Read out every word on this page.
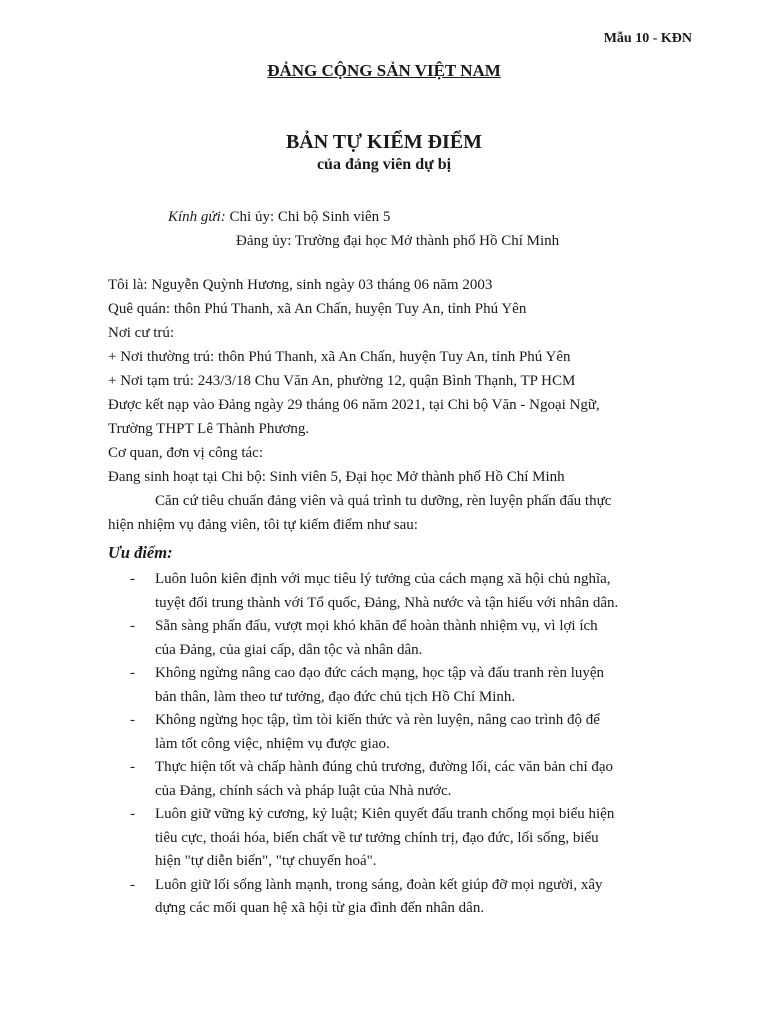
Mẫu 10 - KĐN
ĐẢNG CỘNG SẢN VIỆT NAM
BẢN TỰ KIỂM ĐIỂM
của đảng viên dự bị
Kính gửi: Chi ủy: Chi bộ Sinh viên 5
Đảng ủy: Trường đại học Mở thành phố Hồ Chí Minh
Tôi là: Nguyễn Quỳnh Hương, sinh ngày 03 tháng 06 năm 2003
Quê quán: thôn Phú Thanh, xã An Chấn, huyện Tuy An, tỉnh Phú Yên
Nơi cư trú:
+ Nơi thường trú: thôn Phú Thanh, xã An Chấn, huyện Tuy An, tỉnh Phú Yên
+ Nơi tạm trú: 243/3/18 Chu Văn An, phường 12, quận Bình Thạnh, TP HCM
Được kết nạp vào Đảng ngày 29 tháng 06 năm 2021, tại Chi bộ Văn - Ngoại Ngữ,
Trường THPT Lê Thành Phương.
Cơ quan, đơn vị công tác:
Đang sinh hoạt tại Chi bộ: Sinh viên 5, Đại học Mở thành phố Hồ Chí Minh
Căn cứ tiêu chuẩn đảng viên và quá trình tu dưỡng, rèn luyện phấn đấu thực
hiện nhiệm vụ đảng viên, tôi tự kiểm điểm như sau:
Ưu điểm:
- Luôn luôn kiên định với mục tiêu lý tưởng của cách mạng xã hội chủ nghĩa,
tuyệt đối trung thành với Tổ quốc, Đảng, Nhà nước và tận hiếu với nhân dân.
- Sẵn sàng phấn đấu, vượt mọi khó khăn để hoàn thành nhiệm vụ, vì lợi ích
của Đảng, của giai cấp, dân tộc và nhân dân.
- Không ngừng nâng cao đạo đức cách mạng, học tập và đấu tranh rèn luyện
bản thân, làm theo tư tưởng, đạo đức chủ tịch Hồ Chí Minh.
- Không ngừng học tập, tìm tòi kiến thức và rèn luyện, nâng cao trình độ để
làm tốt công việc, nhiệm vụ được giao.
- Thực hiện tốt và chấp hành đúng chủ trương, đường lối, các văn bản chỉ đạo
của Đảng, chính sách và pháp luật của Nhà nước.
- Luôn giữ vững kỷ cương, kỷ luật; Kiên quyết đấu tranh chống mọi biểu hiện
tiêu cực, thoái hóa, biến chất về tư tưởng chính trị, đạo đức, lối sống, biểu
hiện "tự diễn biến", "tự chuyển hoá".
- Luôn giữ lối sống lành mạnh, trong sáng, đoàn kết giúp đỡ mọi người, xây
dựng các mối quan hệ xã hội từ gia đình đến nhân dân.
